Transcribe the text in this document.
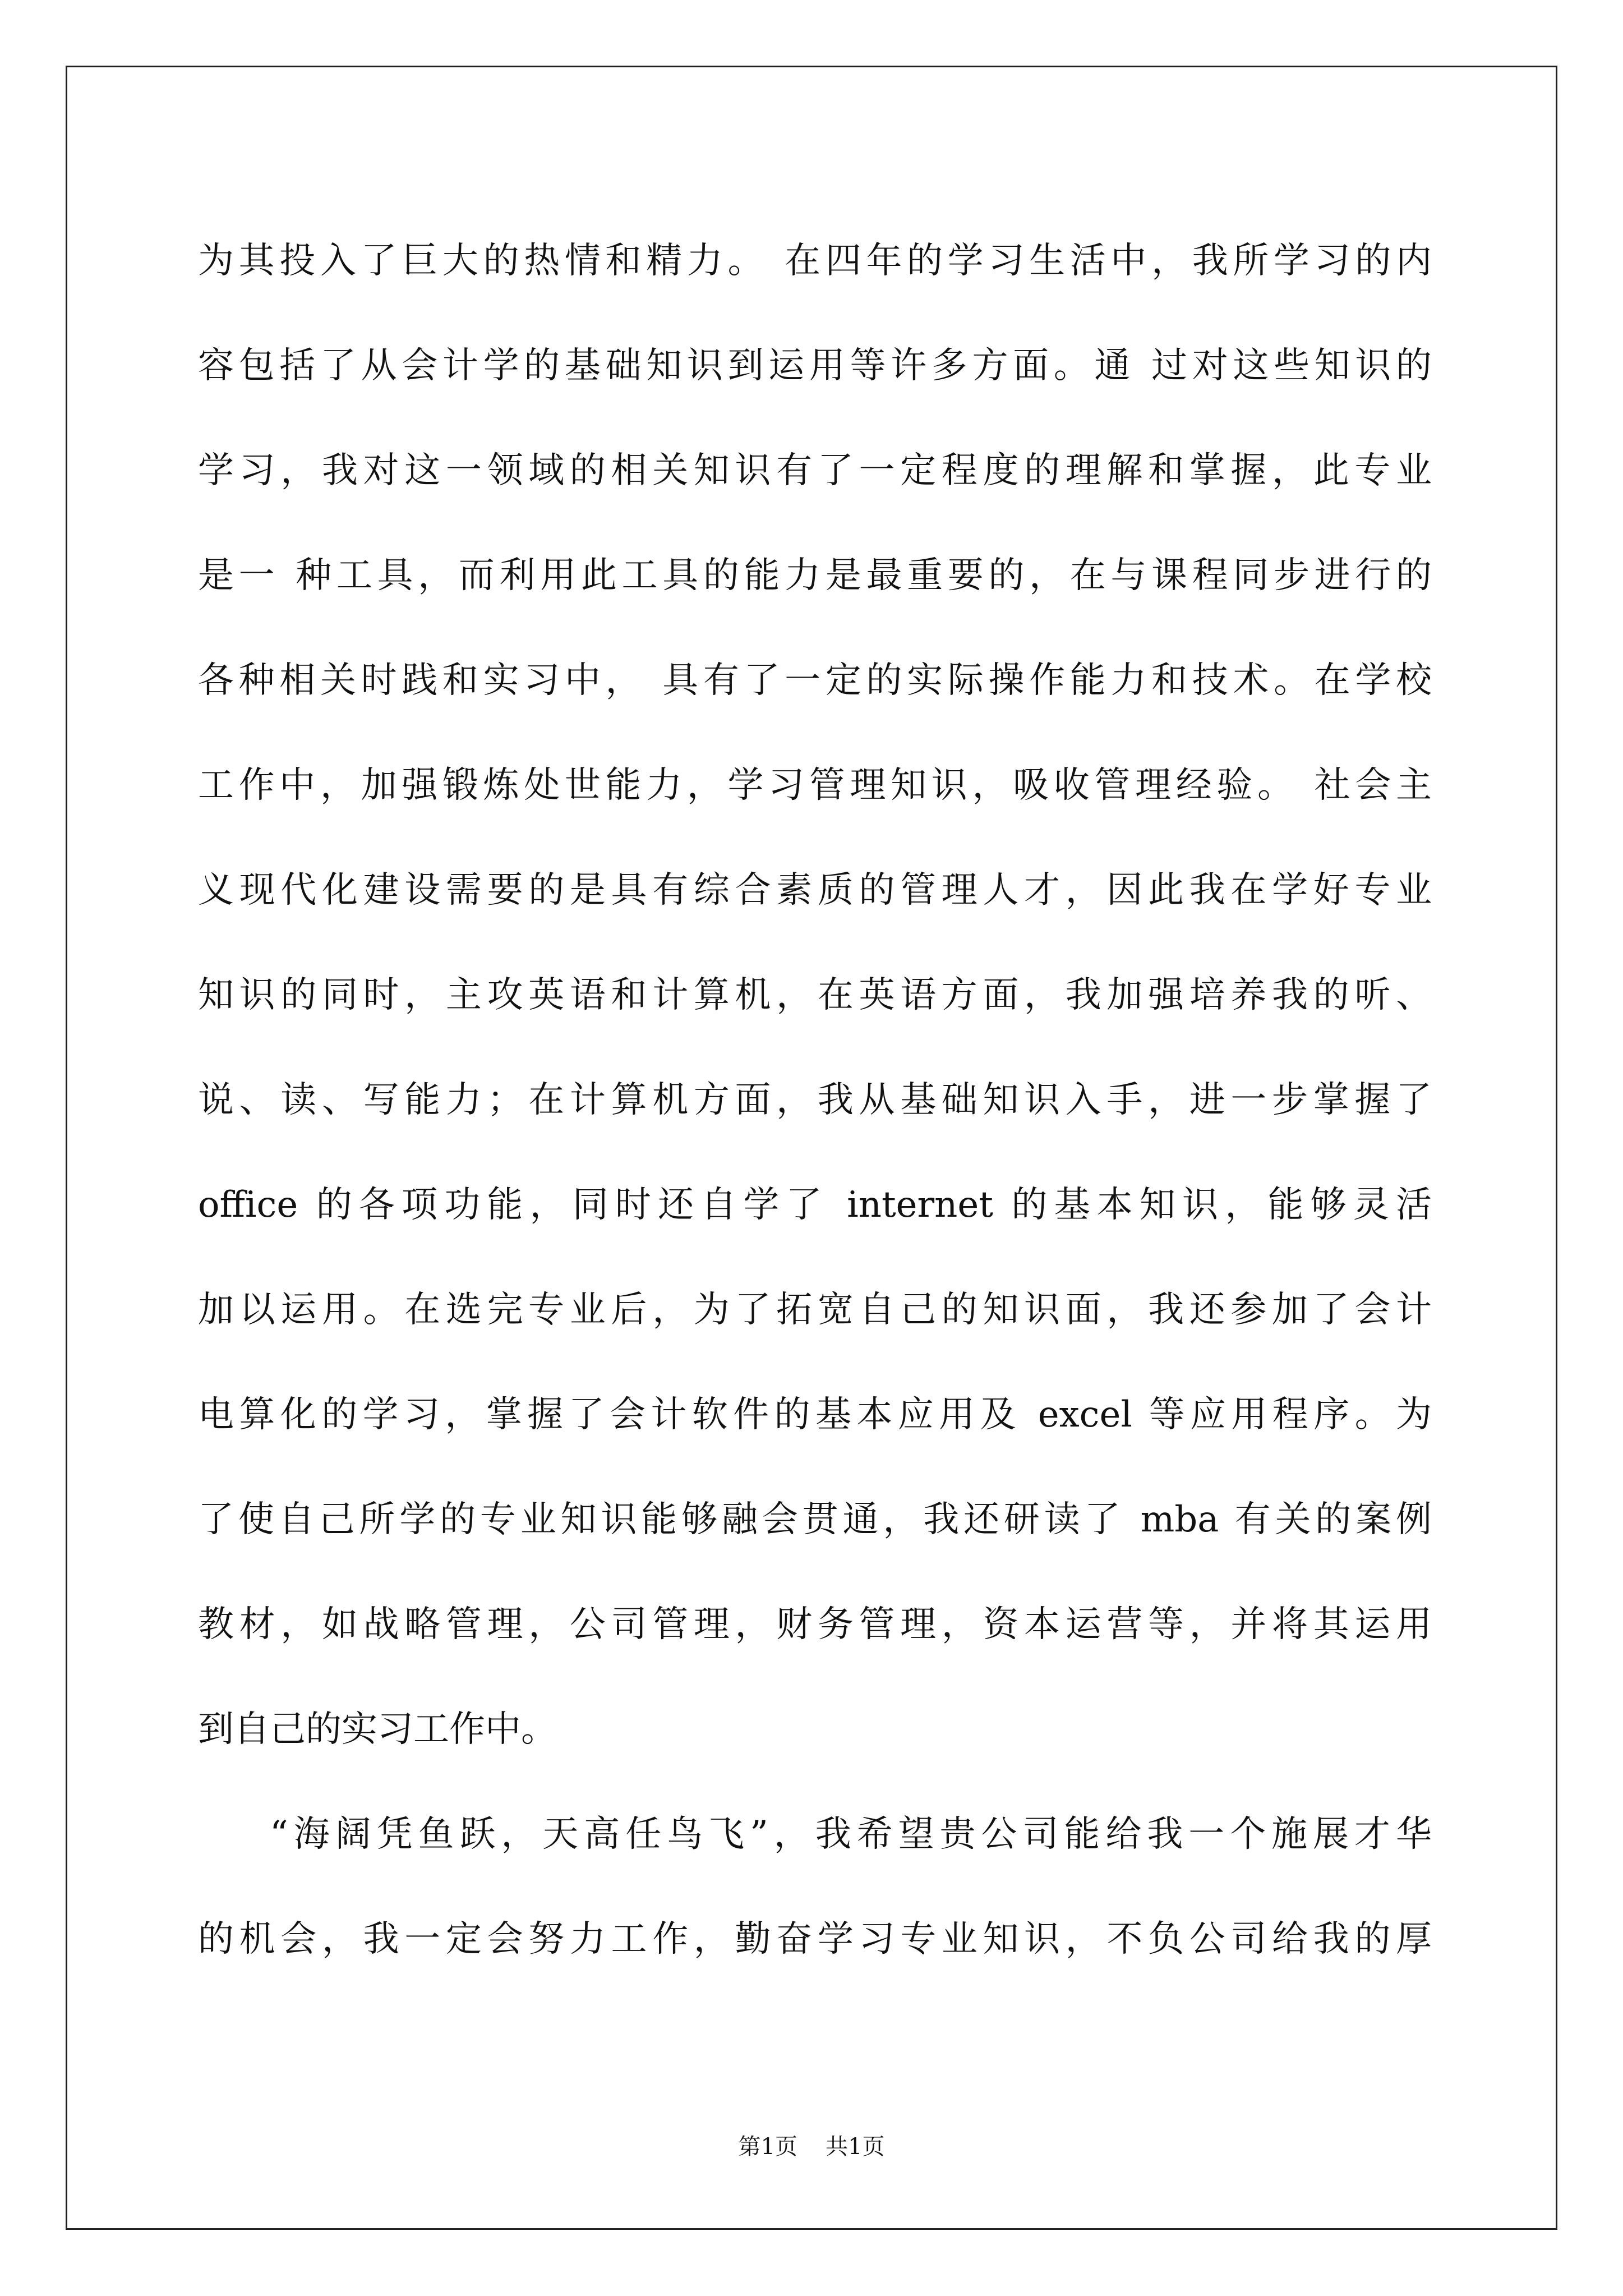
为其投入了巨大的热情和精力。 在四年的学习生活中，我所学习的内
容包括了从会计学的基础知识到运用等许多方面。通 过对这些知识的
学习，我对这一领域的相关知识有了一定程度的理解和掌握，此专业
是一 种工具，而利用此工具的能力是最重要的，在与课程同步进行的
各种相关时践和实习中， 具有了一定的实际操作能力和技术。在学校
工作中，加强锻炼处世能力，学习管理知识，吸收管理经验。 社会主
义现代化建设需要的是具有综合素质的管理人才，因此我在学好专业
知识的同时，主攻英语和计算机，在英语方面，我加强培养我的听、
说、读、写能力；在计算机方面，我从基础知识入手，进一步掌握了
office 的各项功能，同时还自学了 internet 的基本知识，能够灵活
加以运用。在选完专业后，为了拓宽自己的知识面，我还参加了会计
电算化的学习，掌握了会计软件的基本应用及 excel 等应用程序。为
了使自己所学的专业知识能够融会贯通，我还研读了 mba 有关的案例
教材，如战略管理，公司管理，财务管理，资本运营等，并将其运用
到自己的实习工作中。
“海阔凭鱼跃，天高任鸟飞”，我希望贵公司能给我一个施展才华
的机会，我一定会努力工作，勤奋学习专业知识，不负公司给我的厚
第1页 共1页
